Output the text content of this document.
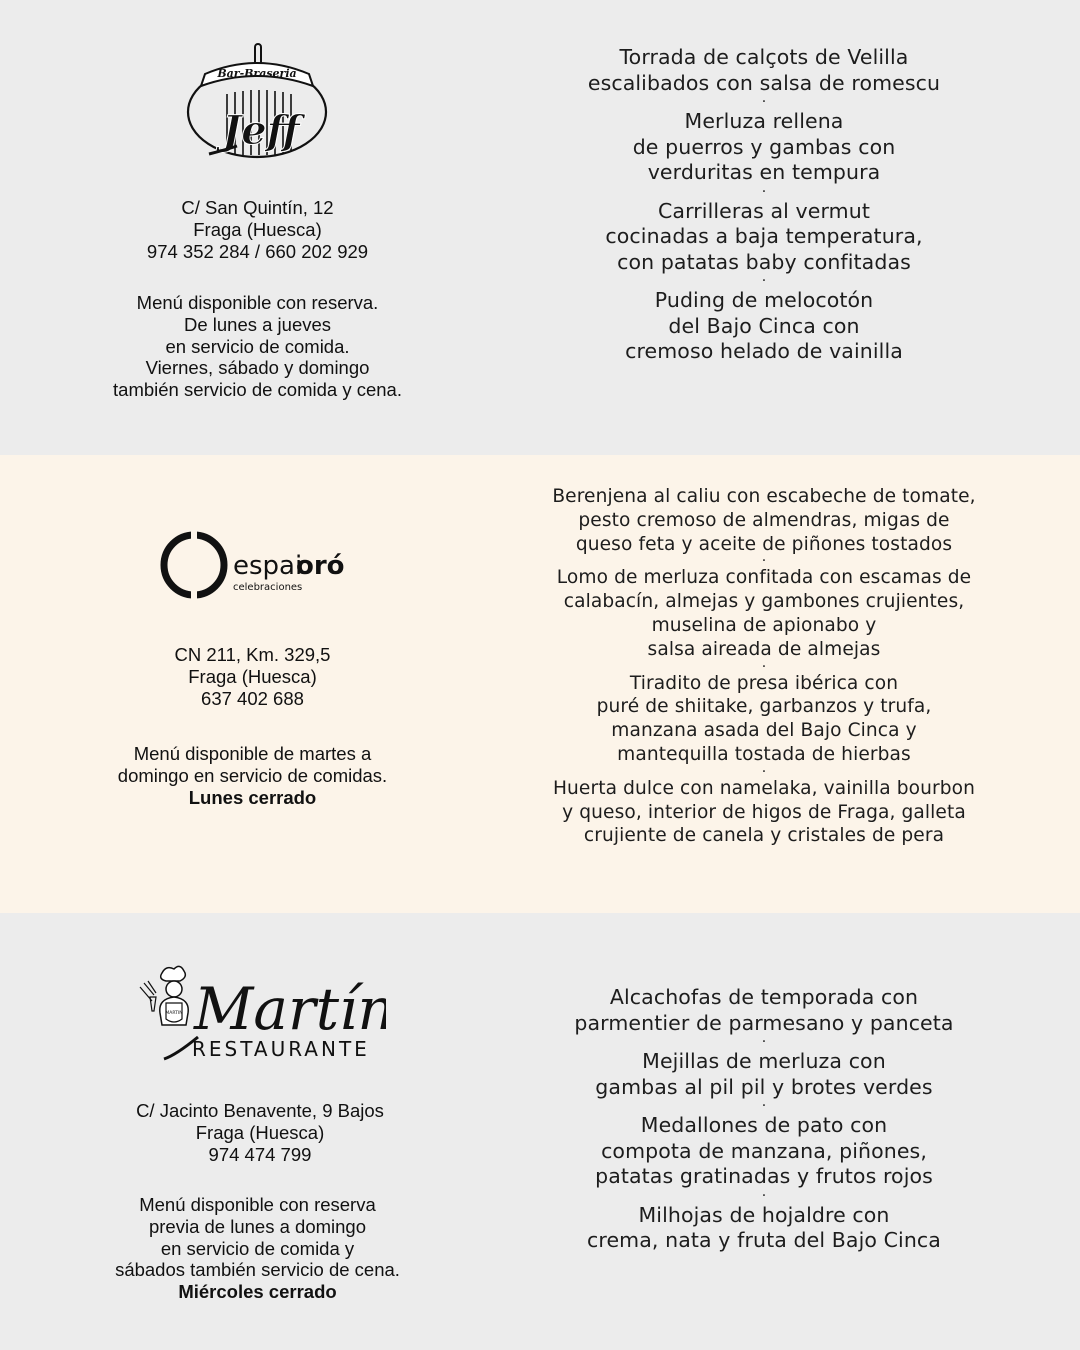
Bar-Braseria
Jeff
C/ San Quintín, 12
Fraga (Huesca)
974 352 284 / 660 202 929
Menú disponible con reserva.
De lunes a jueves
en servicio de comida.
Viernes, sábado y domingo
también servicio de comida y cena.
Torrada de calçots de Velilla
escalibados con salsa de romescu
·
Merluza rellena
de puerros y gambas con
verduritas en tempura
·
Carrilleras al vermut
cocinadas a baja temperatura,
con patatas baby confitadas
·
Puding de melocotón
del Bajo Cinca con
cremoso helado de vainilla
espai
oró
celebraciones
CN 211, Km. 329,5
Fraga (Huesca)
637 402 688
Menú disponible de martes a
domingo en servicio de comidas.
Lunes cerrado
Berenjena al caliu con escabeche de tomate,
pesto cremoso de almendras, migas de
queso feta y aceite de piñones tostados
·
Lomo de merluza confitada con escamas de
calabacín, almejas y gambones crujientes,
muselina de apionabo y
salsa aireada de almejas
·
Tiradito de presa ibérica con
puré de shiitake, garbanzos y trufa,
manzana asada del Bajo Cinca y
mantequilla tostada de hierbas
·
Huerta dulce con namelaka, vainilla bourbon
y queso, interior de higos de Fraga, galleta
crujiente de canela y cristales de pera
MARTIN Martín
RESTAURANTE
C/ Jacinto Benavente, 9 Bajos
Fraga (Huesca)
974 474 799
Menú disponible con reserva
previa de lunes a domingo
en servicio de comida y
sábados también servicio de cena.
Miércoles cerrado
Alcachofas de temporada con
parmentier de parmesano y panceta
·
Mejillas de merluza con
gambas al pil pil y brotes verdes
·
Medallones de pato con
compota de manzana, piñones,
patatas gratinadas y frutos rojos
·
Milhojas de hojaldre con
crema, nata y fruta del Bajo Cinca
